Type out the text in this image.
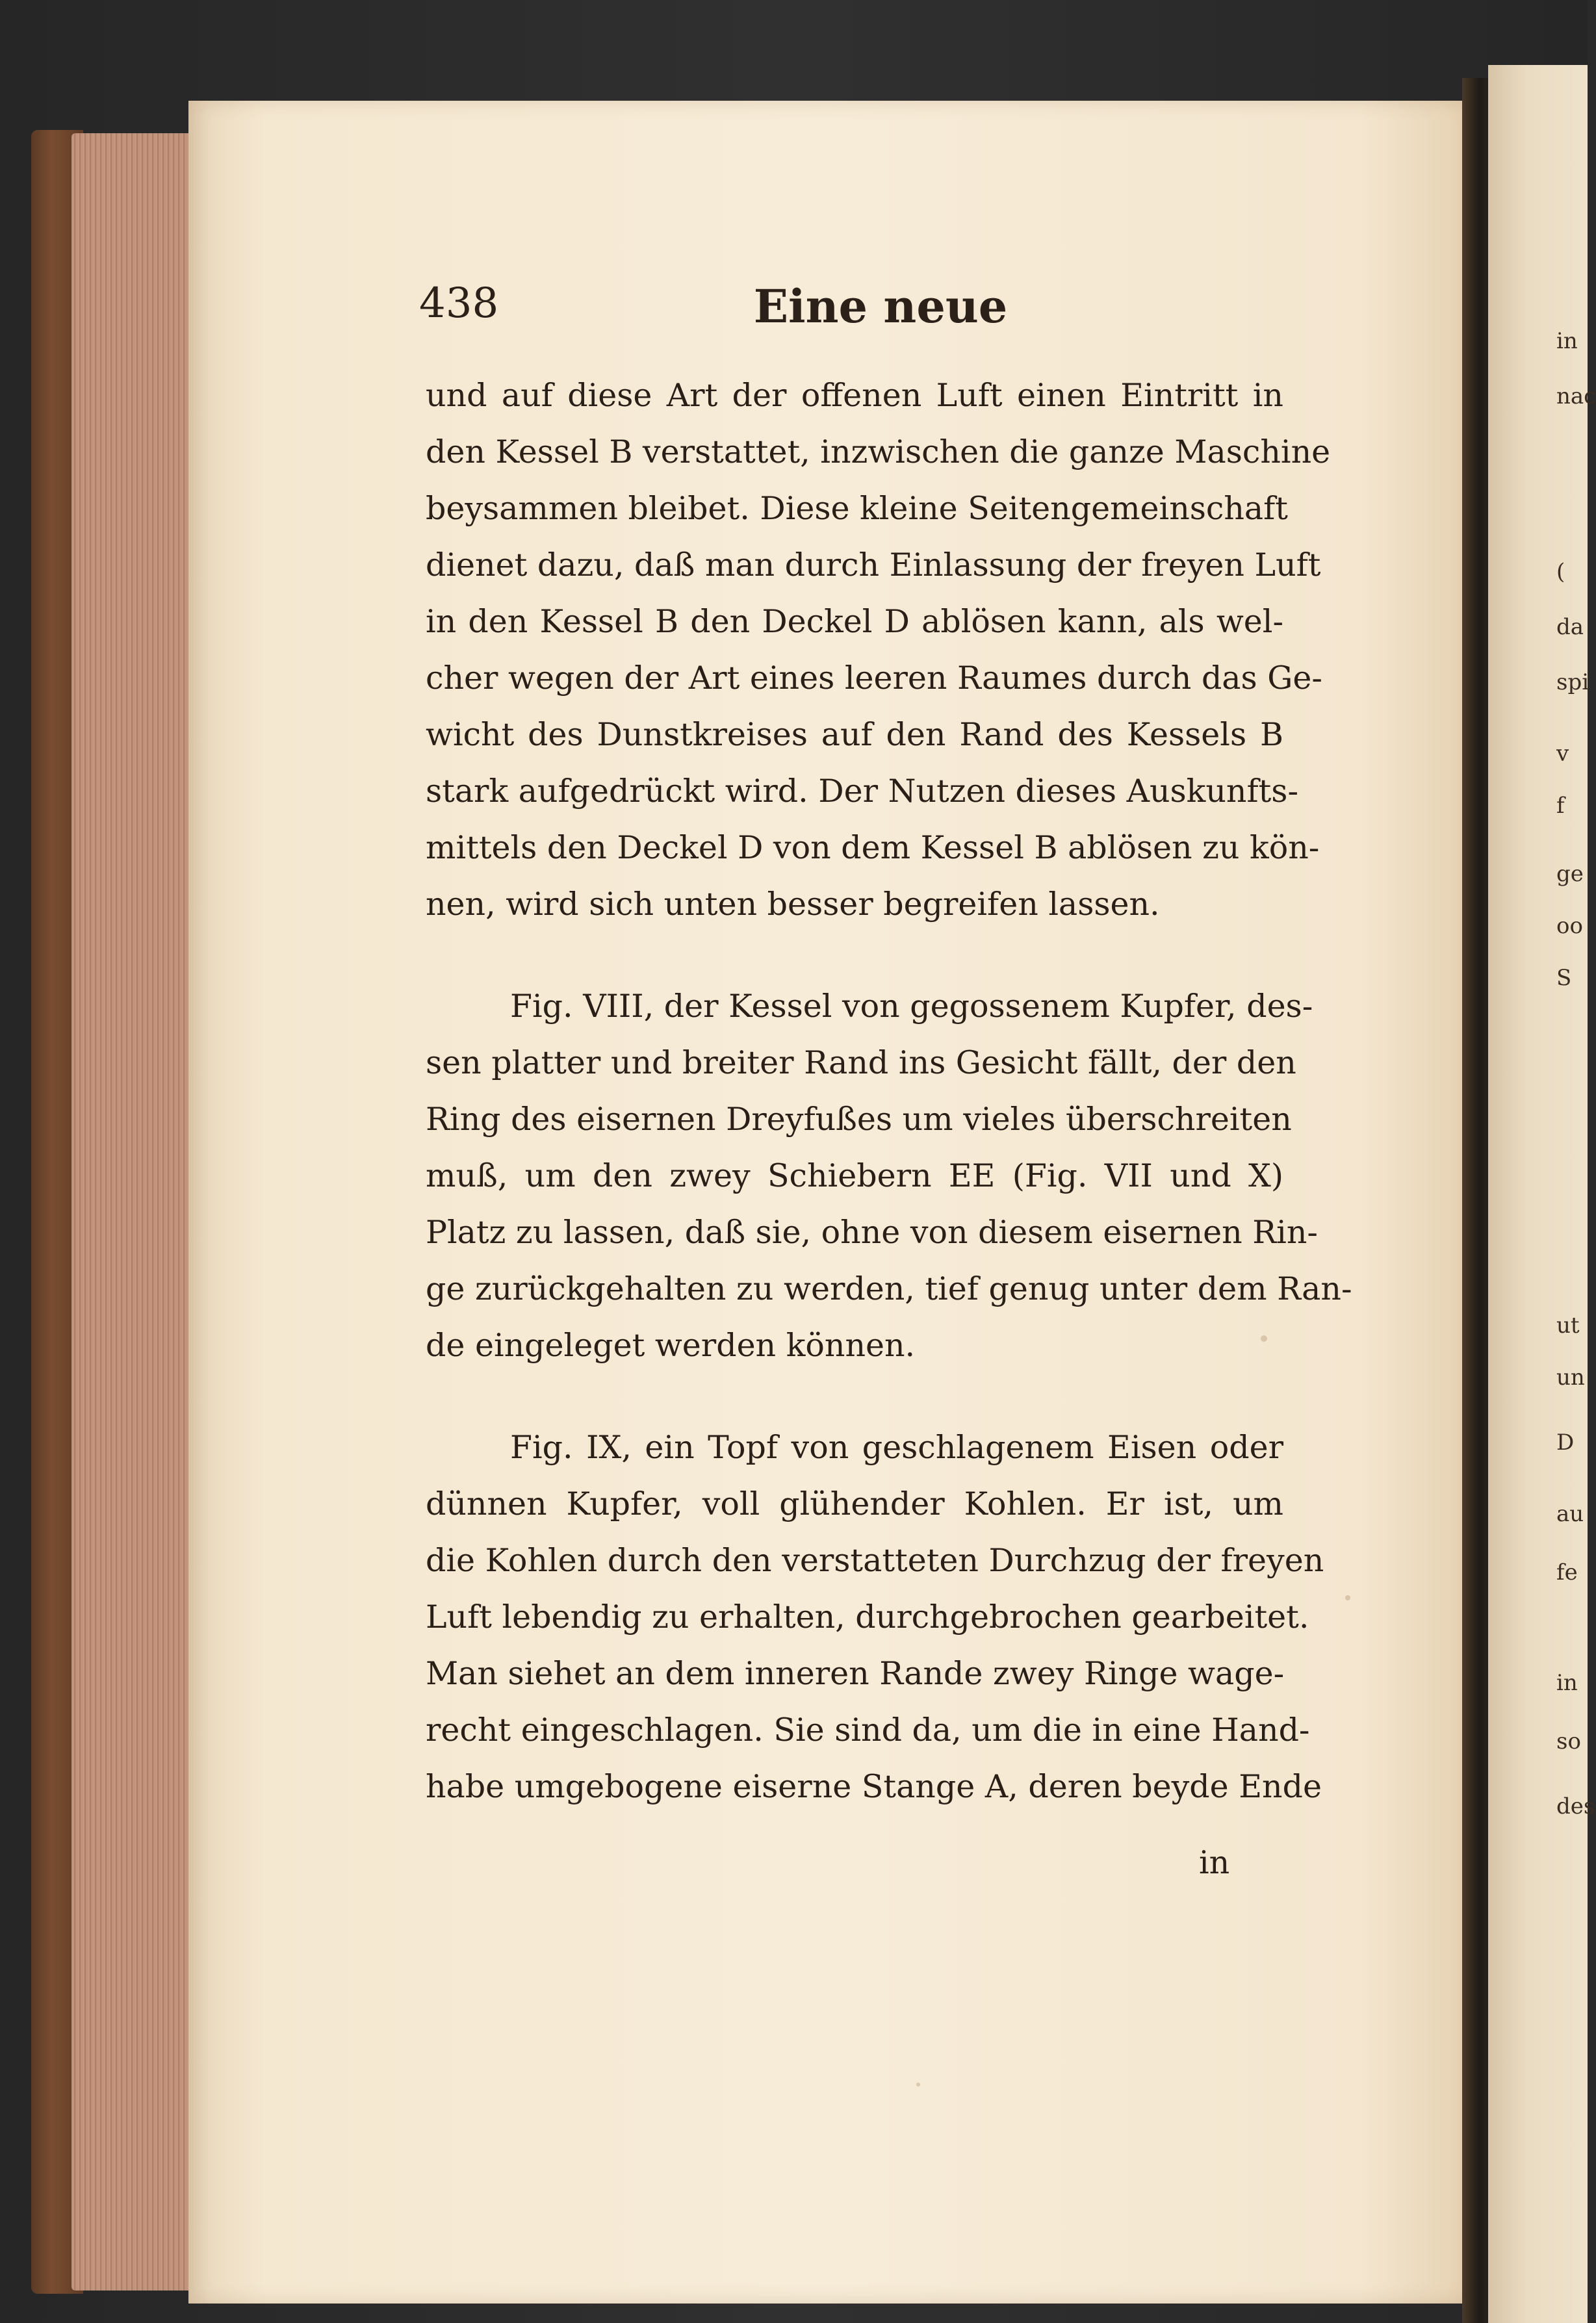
438	Eine neue
und auf diese Art der offenen Luft einen Eintritt in
den Kessel B verstattet, inzwischen die ganze Maschine
beysammen bleibet. Diese kleine Seitengemeinschaft
dienet dazu, daß man durch Einlassung der freyen Luft
in den Kessel B den Deckel D ablösen kann, als wel-
cher wegen der Art eines leeren Raumes durch das Ge-
wicht des Dunstkreises auf den Rand des Kessels B
stark aufgedrückt wird. Der Nutzen dieses Auskunfts-
mittels den Deckel D von dem Kessel B ablösen zu kön-
nen, wird sich unten besser begreifen lassen.
Fig. VIII, der Kessel von gegossenem Kupfer, des-
sen platter und breiter Rand ins Gesicht fällt, der den
Ring des eisernen Dreyfußes um vieles überschreiten
muß, um den zwey Schiebern EE (Fig. VII und X)
Platz zu lassen, daß sie, ohne von diesem eisernen Rin-
ge zurückgehalten zu werden, tief genug unter dem Ran-
de eingeleget werden können.
Fig. IX, ein Topf von geschlagenem Eisen oder
dünnen Kupfer, voll glühender Kohlen. Er ist, um
die Kohlen durch den verstatteten Durchzug der freyen
Luft lebendig zu erhalten, durchgebrochen gearbeitet.
Man siehet an dem inneren Rande zwey Ringe wage-
recht eingeschlagen. Sie sind da, um die in eine Hand-
habe umgebogene eiserne Stange A, deren beyde Ende
in
in
nac
(
da
spi
v
f
ge
oo
S
ut
un
D
au
fe
in
so
des
